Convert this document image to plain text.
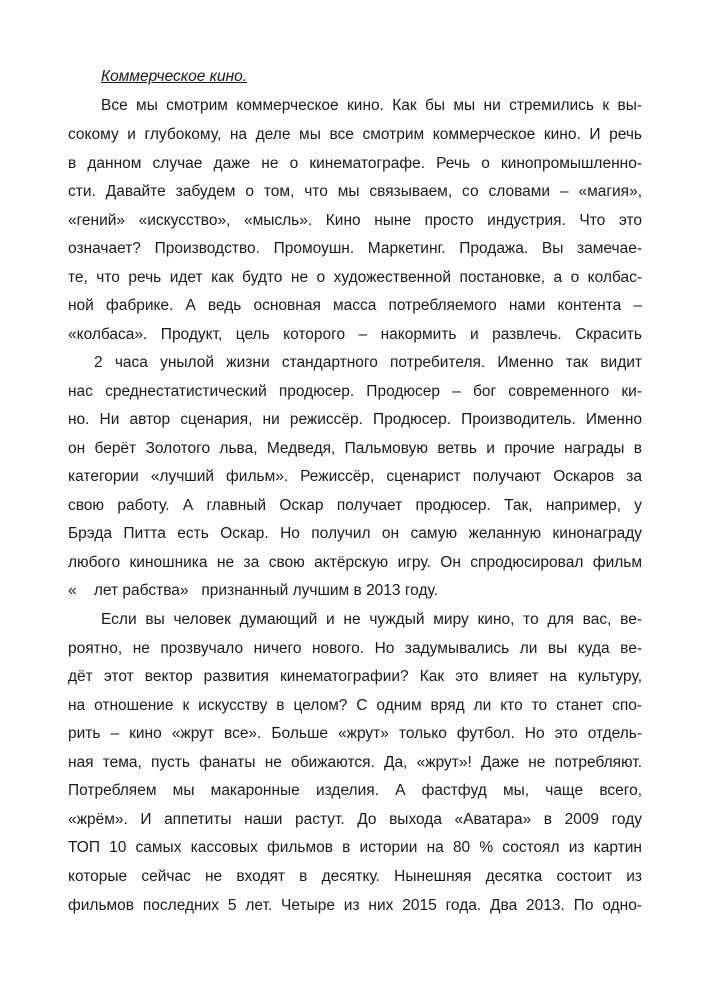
Коммерческое кино.
Все мы смотрим коммерческое кино. Как бы мы ни стремились к вы-
сокому и глубокому, на деле мы все смотрим коммерческое кино. И речь
в данном случае даже не о кинематографе. Речь о кинопромышленно-
сти. Давайте забудем о том, что мы связываем, со словами – «магия»,
«гений» «искусство», «мысль». Кино ныне просто индустрия. Что это
означает? Производство. Промоушн. Маркетинг. Продажа. Вы замечае-
те, что речь идет как будто не о художественной постановке, а о колбас-
ной фабрике. А ведь основная масса потребляемого нами контента –
«колбаса». Продукт, цель которого – накормить и развлечь. Скрасить
2 часа унылой жизни стандартного потребителя. Именно так видит
нас среднестатистический продюсер. Продюсер – бог современного ки-
но. Ни автор сценария, ни режиссёр. Продюсер. Производитель. Именно
он берёт Золотого льва, Медведя, Пальмовую ветвь и прочие награды в
категории «лучший фильм». Режиссёр, сценарист получают Оскаров за
свою работу. А главный Оскар получает продюсер. Так, например, у
Брэда Питта есть Оскар. Но получил он самую желанную кинонаграду
любого киношника не за свою актёрскую игру. Он спродюсировал фильм
«    лет рабства»   признанный лучшим в 2013 году.
Если вы человек думающий и не чуждый миру кино, то для вас, ве-
роятно, не прозвучало ничего нового. Но задумывались ли вы куда ве-
дёт этот вектор развития кинематографии? Как это влияет на культуру,
на отношение к искусству в целом? С одним вряд ли кто то станет спо-
рить – кино «жрут все». Больше «жрут» только футбол. Но это отдель-
ная тема, пусть фанаты не обижаются. Да, «жрут»! Даже не потребляют.
Потребляем мы макаронные изделия. А фастфуд мы, чаще всего,
«жрём». И аппетиты наши растут. До выхода «Аватара» в 2009 году
ТОП 10 самых кассовых фильмов в истории на 80 % состоял из картин
которые сейчас не входят в десятку. Нынешняя десятка состоит из
фильмов последних 5 лет. Четыре из них 2015 года. Два 2013. По одно-
